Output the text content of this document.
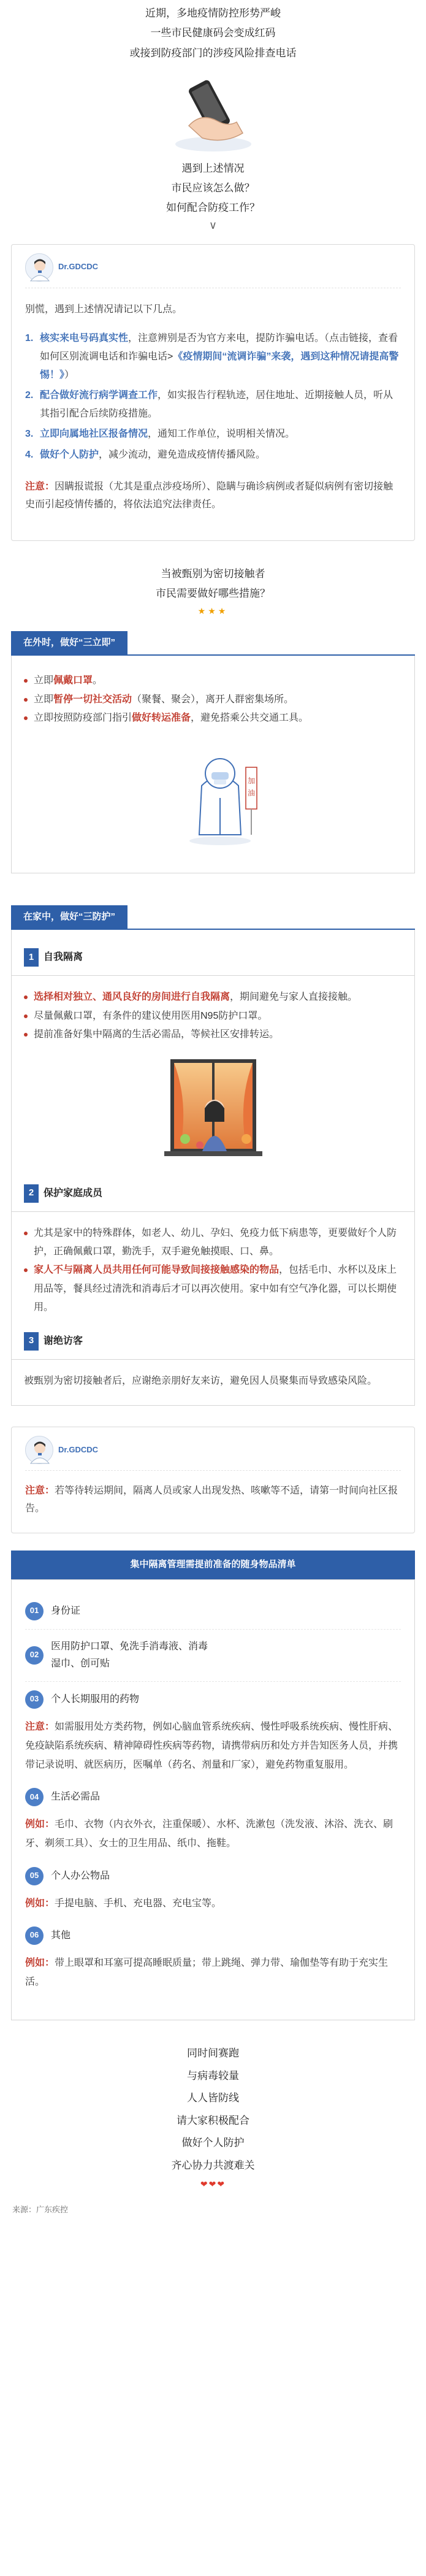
近期，多地疫情防控形势严峻

一些市民健康码会变成红码

或接到防疫部门的涉疫风险排查电话

遇到上述情况

市民应该怎么做？

如何配合防疫工作？

∨
Dr.GDCDC

别慌，遇到上述情况请记以下几点。

1. 核实来电号码真实性，注意辨别是否为官方来电，提防诈骗电话。（点击链接，查看如何区别流调电话和诈骗电话>《疫情期间“流调诈骗”来袭，遇到这种情况请提高警惕！》）
2. 配合做好流行病学调查工作，如实报告行程轨迹，居住地址、近期接触人员，听从其指引配合后续防疫措施。
3. 立即向属地社区报备情况，通知工作单位，说明相关情况。
4. 做好个人防护，减少流动，避免造成疫情传播风险。

注意：因瞒报谎报（尤其是重点涉疫场所）、隐瞒与确诊病例或者疑似病例有密切接触史而引起疫情传播的，将依法追究法律责任。

当被甄别为密切接触者

市民需要做好哪些措施？

★★★
在外时，做好“三立即”
立即佩戴口罩。
立即暂停一切社交活动（聚餐、聚会），离开人群密集场所。
立即按照防疫部门指引做好转运准备，避免搭乘公共交通工具。
加
油
在家中，做好“三防护”
1 自我隔离
选择相对独立、通风良好的房间进行自我隔离，期间避免与家人直接接触。
尽量佩戴口罩，有条件的建议使用医用N95防护口罩。
提前准备好集中隔离的生活必需品，等候社区安排转运。
2 保护家庭成员
尤其是家中的特殊群体，如老人、幼儿、孕妇、免疫力低下病患等，更要做好个人防护，正确佩戴口罩，勤洗手，双手避免触摸眼、口、鼻。
家人不与隔离人员共用任何可能导致间接接触感染的物品，包括毛巾、水杯以及床上用品等，餐具经过清洗和消毒后才可以再次使用。家中如有空气净化器，可以长期使用。
3 谢绝访客

被甄别为密切接触者后，应谢绝亲朋好友来访，避免因人员聚集而导致感染风险。

Dr.GDCDC

注意：若等待转运期间，隔离人员或家人出现发热、咳嗽等不适，请第一时间向社区报告。

集中隔离管理需提前准备的随身物品清单
01	身份证
02
医用防护口罩、免洗手消毒液、消毒湿巾、创可贴
03	个人长期服用的药物

注意：如需服用处方类药物，例如心脑血管系统疾病、慢性呼吸系统疾病、慢性肝病、免疫缺陷系统疾病、精神障碍性疾病等药物，请携带病历和处方并告知医务人员，并携带记录说明、就医病历，医嘱单（药名、剂量和厂家），避免药物重复服用。

04	生活必需品

例如：毛巾、衣物（内衣外衣，注重保暖）、水杯、洗漱包（洗发液、沐浴、洗衣、刷牙、剃须工具）、女士的卫生用品、纸巾、拖鞋。

05	个人办公物品

例如：手提电脑、手机、充电器、充电宝等。

06	其他

例如：带上眼罩和耳塞可提高睡眠质量；带上跳绳、弹力带、瑜伽垫等有助于充实生活。

同时间赛跑

与病毒较量

人人皆防线

请大家积极配合

做好个人防护

齐心协力共渡难关

❤❤❤

来源：广东疾控
